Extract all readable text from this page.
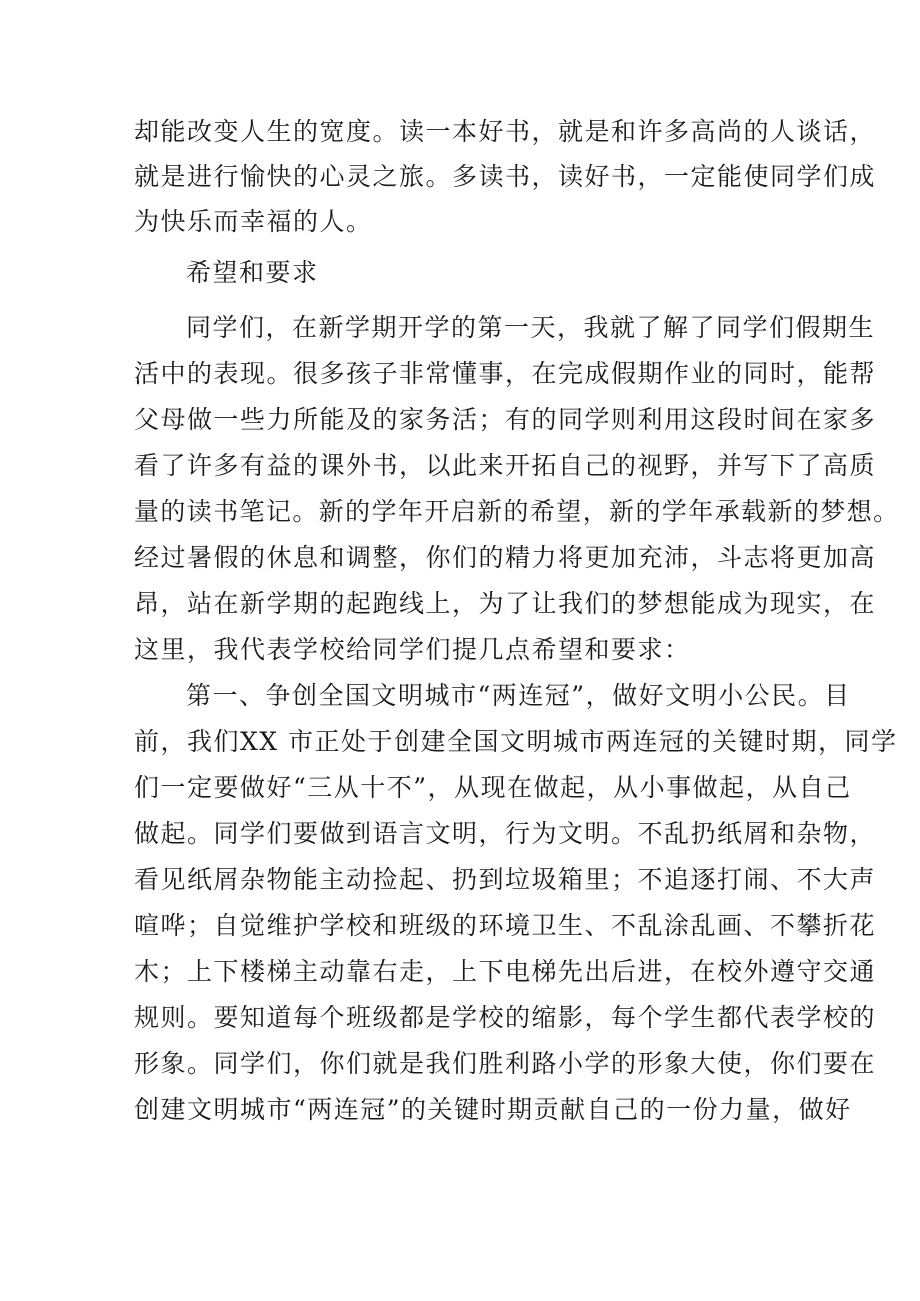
却能改变人生的宽度。读一本好书，就是和许多高尚的人谈话，
就是进行愉快的心灵之旅。多读书，读好书，一定能使同学们成
为快乐而幸福的人。
希望和要求
同学们，在新学期开学的第一天，我就了解了同学们假期生
活中的表现。很多孩子非常懂事，在完成假期作业的同时，能帮
父母做一些力所能及的家务活；有的同学则利用这段时间在家多
看了许多有益的课外书，以此来开拓自己的视野，并写下了高质
量的读书笔记。新的学年开启新的希望，新的学年承载新的梦想。
经过暑假的休息和调整，你们的精力将更加充沛，斗志将更加高
昂，站在新学期的起跑线上，为了让我们的梦想能成为现实，在
这里，我代表学校给同学们提几点希望和要求：
第一、争创全国文明城市“两连冠”，做好文明小公民。目
前，我们XX 市正处于创建全国文明城市两连冠的关键时期，同学
们一定要做好“三从十不”，从现在做起，从小事做起，从自己
做起。同学们要做到语言文明，行为文明。不乱扔纸屑和杂物，
看见纸屑杂物能主动捡起、扔到垃圾箱里；不追逐打闹、不大声
喧哗；自觉维护学校和班级的环境卫生、不乱涂乱画、不攀折花
木；上下楼梯主动靠右走，上下电梯先出后进，在校外遵守交通
规则。要知道每个班级都是学校的缩影，每个学生都代表学校的
形象。同学们，你们就是我们胜利路小学的形象大使，你们要在
创建文明城市“两连冠”的关键时期贡献自己的一份力量，做好
